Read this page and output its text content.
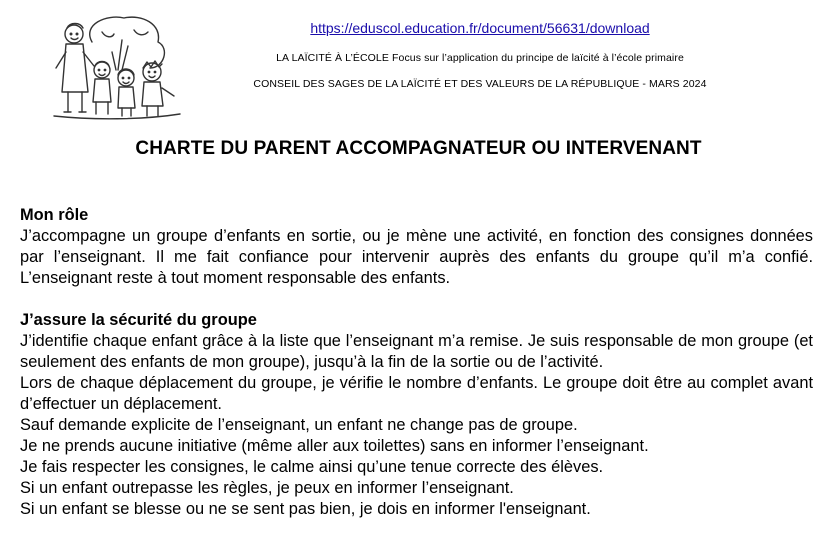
https://eduscol.education.fr/document/56631/download
LA LAÏCITÉ À L’ÉCOLE Focus sur l’application du principe de laïcité à l’école primaire
CONSEIL DES SAGES DE LA LAÏCITÉ ET DES VALEURS DE LA RÉPUBLIQUE - MARS 2024
CHARTE DU PARENT ACCOMPAGNATEUR OU INTERVENANT
Mon rôle

J’accompagne un groupe d’enfants en sortie, ou je mène une activité, en fonction des consignes données par l’enseignant. Il me fait confiance pour intervenir auprès des enfants du groupe qu’il m’a confié. L’enseignant reste à tout moment responsable des enfants.

J’assure la sécurité du groupe

J’identifie chaque enfant grâce à la liste que l’enseignant m’a remise. Je suis responsable de mon groupe (et seulement des enfants de mon groupe), jusqu’à la fin de la sortie ou de l’activité.

Lors de chaque déplacement du groupe, je vérifie le nombre d’enfants. Le groupe doit être au complet avant d’effectuer un déplacement.

Sauf demande explicite de l’enseignant, un enfant ne change pas de groupe.

Je ne prends aucune initiative (même aller aux toilettes) sans en informer l’enseignant.

Je fais respecter les consignes, le calme ainsi qu’une tenue correcte des élèves.

Si un enfant outrepasse les règles, je peux en informer l’enseignant.

Si un enfant se blesse ou ne se sent pas bien, je dois en informer l'enseignant.
